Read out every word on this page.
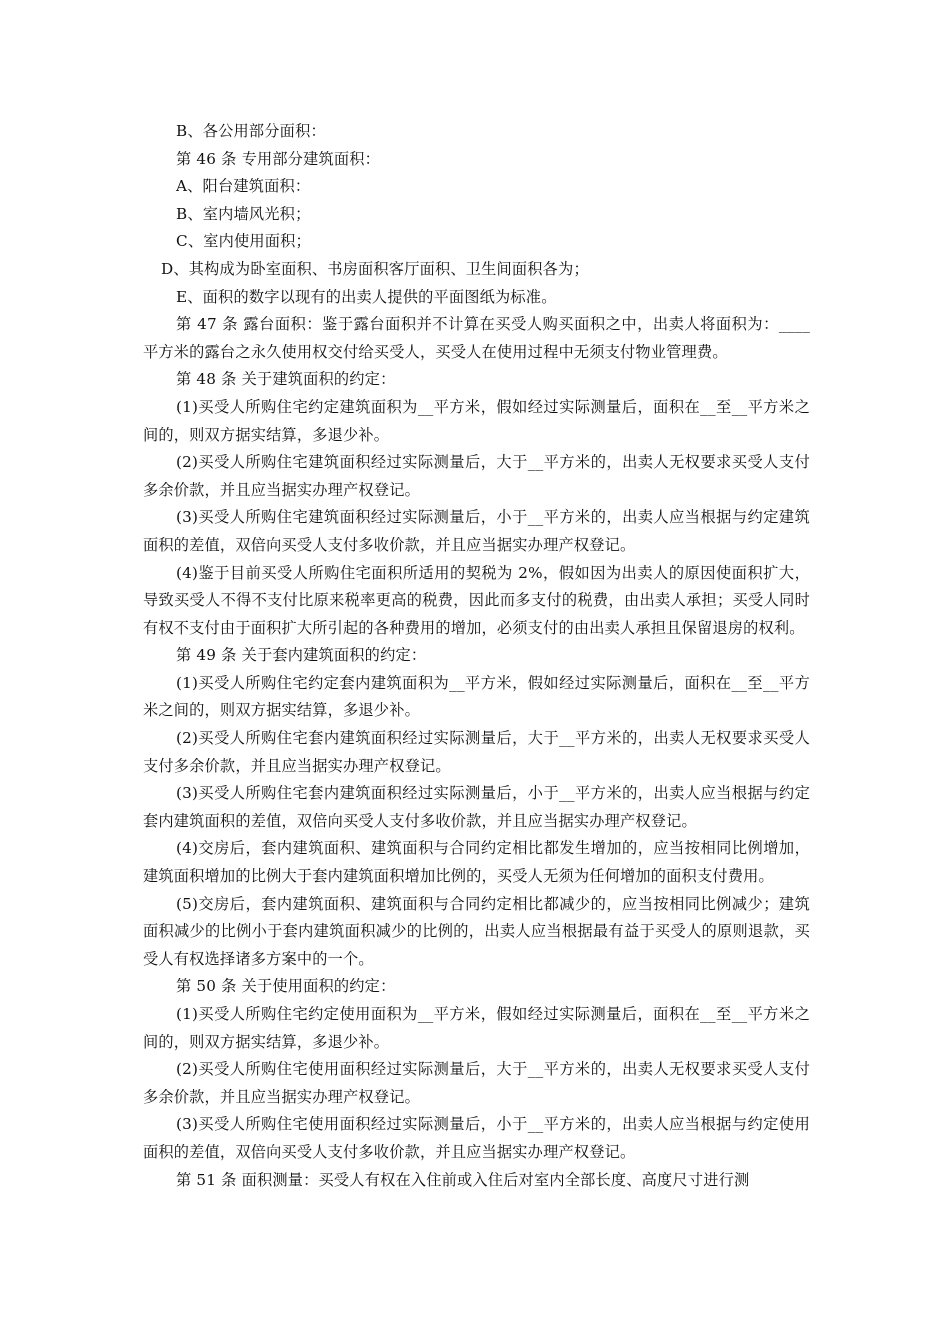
B、各公用部分面积：
第 46 条 专用部分建筑面积：
A、阳台建筑面积：
B、室内墙风光积；
C、室内使用面积；
D、其构成为卧室面积、书房面积客厅面积、卫生间面积各为；
E、面积的数字以现有的出卖人提供的平面图纸为标准。
第 47 条 露台面积：鉴于露台面积并不计算在买受人购买面积之中，出卖人将面积为：____平方米的露台之永久使用权交付给买受人，买受人在使用过程中无须支付物业管理费。
第 48 条 关于建筑面积的约定：
(1)买受人所购住宅约定建筑面积为__平方米，假如经过实际测量后，面积在__至__平方米之间的，则双方据实结算，多退少补。
(2)买受人所购住宅建筑面积经过实际测量后，大于__平方米的，出卖人无权要求买受人支付多余价款，并且应当据实办理产权登记。
(3)买受人所购住宅建筑面积经过实际测量后，小于__平方米的，出卖人应当根据与约定建筑面积的差值，双倍向买受人支付多收价款，并且应当据实办理产权登记。
(4)鉴于目前买受人所购住宅面积所适用的契税为 2%，假如因为出卖人的原因使面积扩大，导致买受人不得不支付比原来税率更高的税费，因此而多支付的税费，由出卖人承担；买受人同时有权不支付由于面积扩大所引起的各种费用的增加，必须支付的由出卖人承担且保留退房的权利。
第 49 条 关于套内建筑面积的约定：
(1)买受人所购住宅约定套内建筑面积为__平方米，假如经过实际测量后，面积在__至__平方米之间的，则双方据实结算，多退少补。
(2)买受人所购住宅套内建筑面积经过实际测量后，大于__平方米的，出卖人无权要求买受人支付多余价款，并且应当据实办理产权登记。
(3)买受人所购住宅套内建筑面积经过实际测量后，小于__平方米的，出卖人应当根据与约定套内建筑面积的差值，双倍向买受人支付多收价款，并且应当据实办理产权登记。
(4)交房后，套内建筑面积、建筑面积与合同约定相比都发生增加的，应当按相同比例增加，建筑面积增加的比例大于套内建筑面积增加比例的，买受人无须为任何增加的面积支付费用。
(5)交房后，套内建筑面积、建筑面积与合同约定相比都减少的，应当按相同比例减少；建筑面积减少的比例小于套内建筑面积减少的比例的，出卖人应当根据最有益于买受人的原则退款，买受人有权选择诸多方案中的一个。
第 50 条 关于使用面积的约定：
(1)买受人所购住宅约定使用面积为__平方米，假如经过实际测量后，面积在__至__平方米之间的，则双方据实结算，多退少补。
(2)买受人所购住宅使用面积经过实际测量后，大于__平方米的，出卖人无权要求买受人支付多余价款，并且应当据实办理产权登记。
(3)买受人所购住宅使用面积经过实际测量后，小于__平方米的，出卖人应当根据与约定使用面积的差值，双倍向买受人支付多收价款，并且应当据实办理产权登记。
第 51 条 面积测量：买受人有权在入住前或入住后对室内全部长度、高度尺寸进行测
